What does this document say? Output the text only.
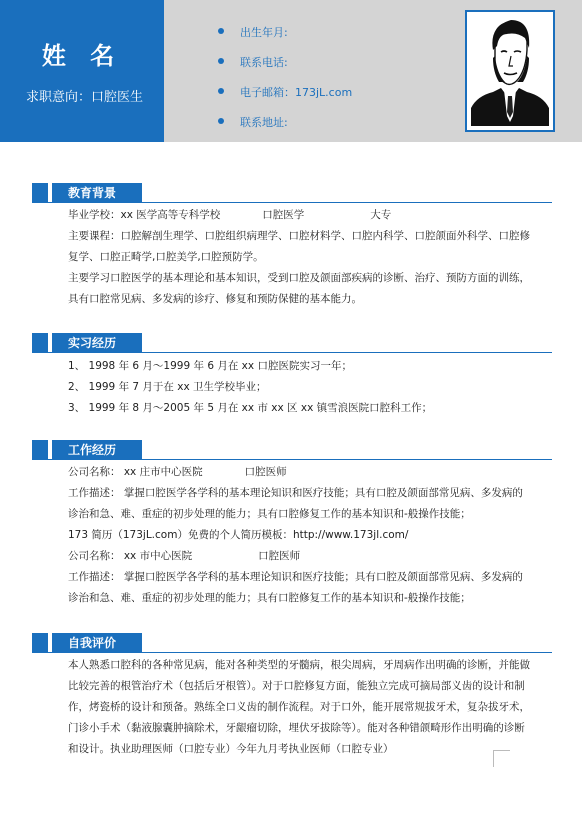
姓 名
求职意向：口腔医生
出生年月:
联系电话:
电子邮箱：173jL.com
联系地址:
教育背景
毕业学校：xx 医学高等专科学校	口腔医学	大专
主要课程：口腔解剖生理学、口腔组织病理学、口腔材料学、口腔内科学、口腔颌面外科学、口腔修复学、口腔正畸学,口腔美学,口腔预防学。
主要学习口腔医学的基本理论和基本知识，受到口腔及颌面部疾病的诊断、治疗、预防方面的训练，具有口腔常见病、多发病的诊疗、修复和预防保健的基本能力。
实习经历
1、 1998 年 6 月～1999 年 6 月在 xx 口腔医院实习一年；
2、 1999 年 7 月于在 xx 卫生学校毕业；
3、 1999 年 8 月～2005 年 5 月在 xx 市 xx 区 xx 镇雪浪医院口腔科工作；
工作经历
公司名称： xx 庄市中心医院	口腔医师
工作描述： 掌握口腔医学各学科的基本理论知识和医疗技能；具有口腔及颌面部常见病、多发病的诊治和急、难、重症的初步处理的能力；具有口腔修复工作的基本知识和-般操作技能；
173 简历（173jL.com）免费的个人简历模板：http://www.173jl.com/
公司名称： xx 市中心医院	口腔医师
工作描述： 掌握口腔医学各学科的基本理论知识和医疗技能；具有口腔及颌面部常见病、多发病的诊治和急、难、重症的初步处理的能力；具有口腔修复工作的基本知识和-般操作技能；
自我评价
本人熟悉口腔科的各种常见病，能对各种类型的牙髓病，根尖周病，牙周病作出明确的诊断，并能做比较完善的根管治疗术（包括后牙根管）。对于口腔修复方面，能独立完成可摘局部义齿的设计和制作，烤瓷桥的设计和预备。熟练全口义齿的制作流程。对于口外，能开展常规拔牙术，复杂拔牙术，门诊小手术（黏液腺囊肿摘除术，牙龈瘤切除，埋伏牙拔除等）。能对各种错颌畸形作出明确的诊断和设计。执业助理医师（口腔专业）今年九月考执业医师（口腔专业）
